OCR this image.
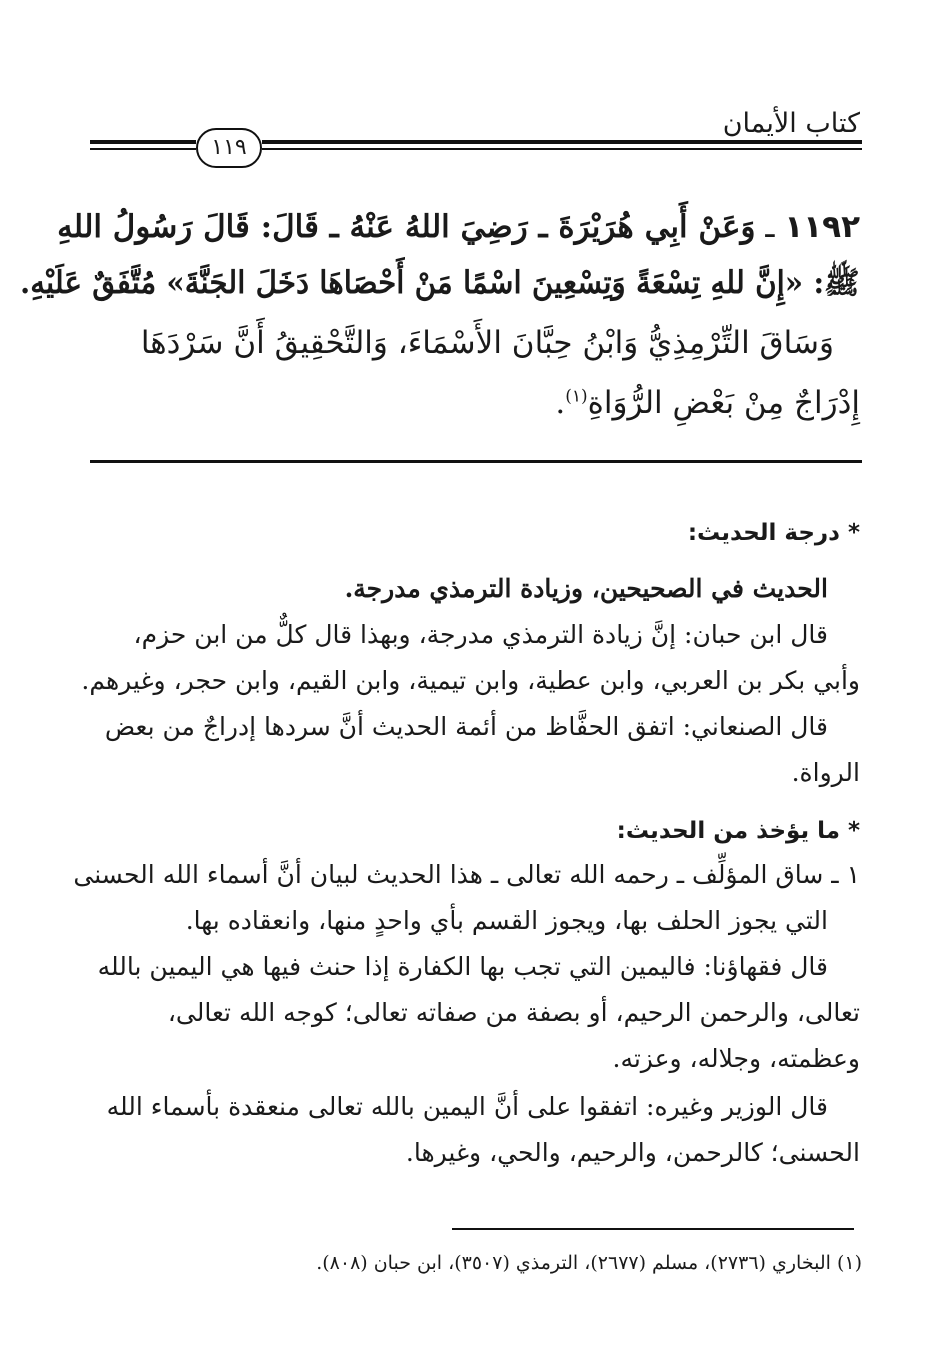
كتاب الأيمان
١١٩
١١٩٢ ـ وَعَنْ أَبِي هُرَيْرَةَ ـ رَضِيَ اللهُ عَنْهُ ـ قَالَ: قَالَ رَسُولُ اللهِ
ﷺ: «إِنَّ للهِ تِسْعَةً وَتِسْعِينَ اسْمًا مَنْ أَحْصَاهَا دَخَلَ الجَنَّةَ» مُتَّفَقٌ عَلَيْهِ.
وَسَاقَ التِّرْمِذِيُّ وَابْنُ حِبَّانَ الأَسْمَاءَ، وَالتَّحْقِيقُ أَنَّ سَرْدَهَا
إِدْرَاجٌ مِنْ بَعْضِ الرُّوَاةِ$^{(١)}$.
* درجة الحديث:
الحديث في الصحيحين، وزيادة الترمذي مدرجة.
قال ابن حبان: إنَّ زيادة الترمذي مدرجة، وبهذا قال كلٌّ من ابن حزم،
وأبي بكر بن العربي، وابن عطية، وابن تيمية، وابن القيم، وابن حجر، وغيرهم.
قال الصنعاني: اتفق الحفَّاظ من أئمة الحديث أنَّ سردها إدراجٌ من بعض
الرواة.
* ما يؤخذ من الحديث:
١ ـ ساق المؤلِّف ـ رحمه الله تعالى ـ هذا الحديث لبيان أنَّ أسماء الله الحسنى
التي يجوز الحلف بها، ويجوز القسم بأي واحدٍ منها، وانعقاده بها.
قال فقهاؤنا: فاليمين التي تجب بها الكفارة إذا حنث فيها هي اليمين بالله
تعالى، والرحمن الرحيم، أو بصفة من صفاته تعالى؛ كوجه الله تعالى،
وعظمته، وجلاله، وعزته.
قال الوزير وغيره: اتفقوا على أنَّ اليمين بالله تعالى منعقدة بأسماء الله
الحسنى؛ كالرحمن، والرحيم، والحي، وغيرها.
(١) البخاري (٢٧٣٦)، مسلم (٢٦٧٧)، الترمذي (٣٥٠٧)، ابن حبان (٨٠٨).
